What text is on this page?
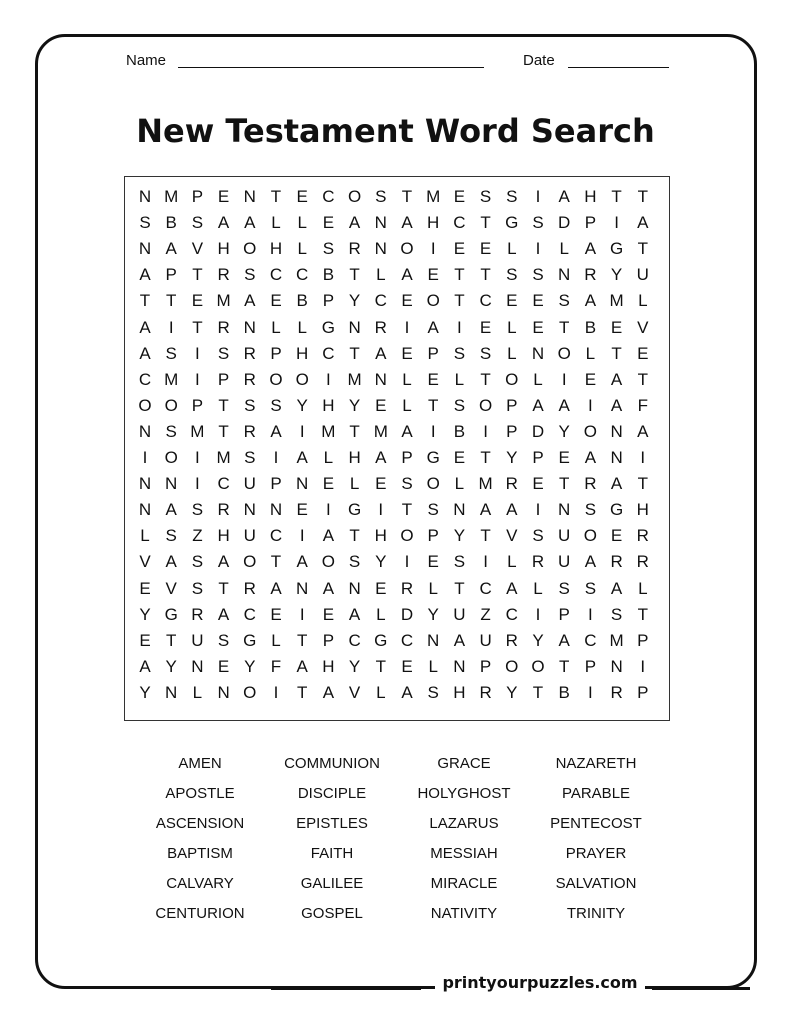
Name	Date
New Testament Word Search
N M P E N T E C O S T M E S S	I	A H T T
S B S A A L L E A N A H C T G S D P	I	A
N A V H O H L S R N O	I	E E L	I	L A G T
A P T R S C C B T L A E T T S S N R Y U
T T E M A E B P Y C E O T C E E S A M L
A	I	T R N L L G N R	I	A	I	E L E T B E V
A S	I	S R P H C T A E P S S L N O L T E
C M I	P R O O	I M N L E L T O L	I	E A T
O O P T S S Y H Y E L T S O P A A	I	A F
N S M T R A	I M T M A	I	B	I	P D Y O N A
I	O	I M S	I	A L H A P G E T Y P E A N	I
N N	I	C U P N E L E S O L M R E T R A T
N A S R N N E	I	G	I	T S N A A	I	N S G H
L S Z H U C	I	A T H O P Y T V S U O E R
V A S A O T A O S Y	I	E S	I	L R U A R R
E V S T R A N A N E R L T C A L S S A L
Y G R A C E	I	E A L D Y U Z C	I	P	I	S T
E T U S G L T P C G C N A U R Y A C M P
A Y N E Y F A H Y T E L N P O O T P N	I
Y N L N O	I	T A V L A S H R Y T B	I	R P
AMEN	COMMUNION	GRACE	NAZARETH
APOSTLE	DISCIPLE	HOLYGHOST	PARABLE
ASCENSION	EPISTLES	LAZARUS	PENTECOST
BAPTISM	FAITH	MESSIAH	PRAYER
CALVARY	GALILEE	MIRACLE	SALVATION
CENTURION	GOSPEL	NATIVITY	TRINITY
printyourpuzzles.com
